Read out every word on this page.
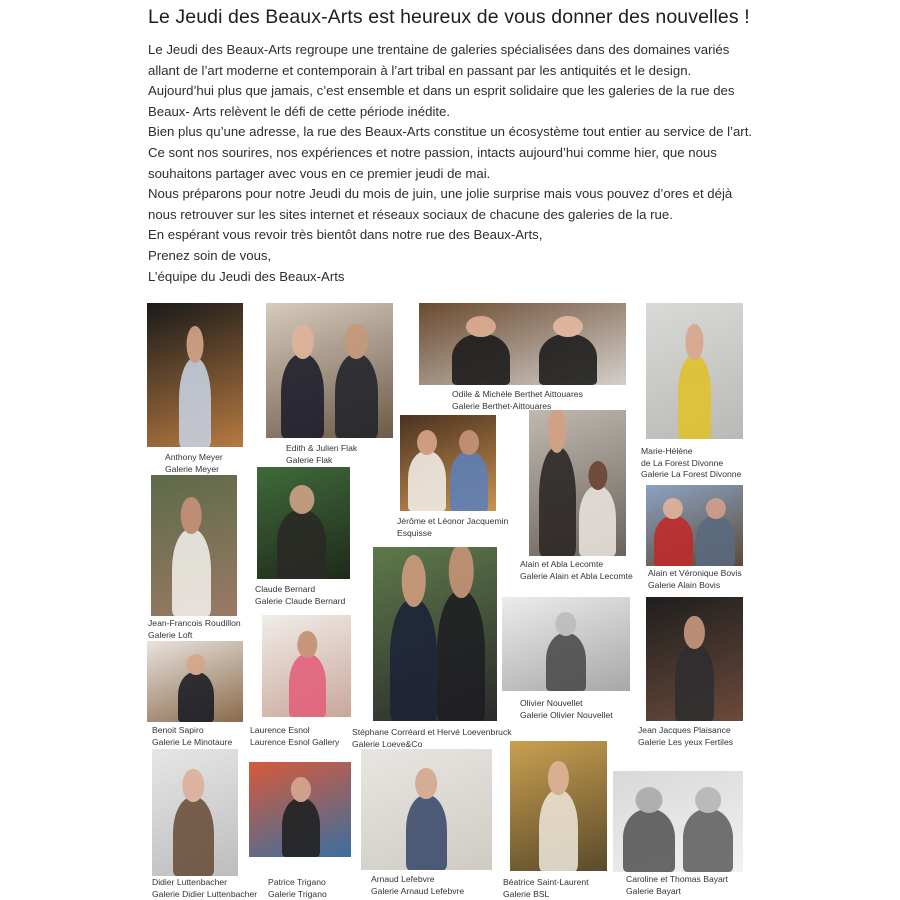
Le Jeudi des Beaux-Arts est heureux de vous donner des nouvelles !

Le Jeudi des Beaux-Arts regroupe une trentaine de galeries spécialisées dans des domaines variés allant de l’art moderne et contemporain à l’art tribal en passant par les antiquités et le design. Aujourd’hui plus que jamais, c’est ensemble et dans un esprit solidaire que les galeries de la rue des Beaux- Arts relèvent le défi de cette période inédite.

Bien plus qu’une adresse, la rue des Beaux-Arts constitue un écosystème tout entier au service de l’art. Ce sont nos sourires, nos expériences et notre passion, intacts aujourd’hui comme hier, que nous souhaitons partager avec vous en ce premier jeudi de mai.

Nous préparons pour notre Jeudi du mois de juin, une jolie surprise mais vous pouvez d’ores et déjà nous retrouver sur les sites internet et réseaux sociaux de chacune des galeries de la rue.

En espérant vous revoir très bientôt dans notre rue des Beaux-Arts,

Prenez soin de vous,

L’équipe du Jeudi des Beaux-Arts

Anthony Meyer
Galerie Meyer
Edith & Julien Flak
Galerie Flak
Odile & Michèle Berthet Aittouares
Galerie Berthet-Aittouares
Marie-Hélène
de La Forest Divonne
Galerie La Forest Divonne
Jérôme et Léonor Jacquemin
Esquisse
Alain et Abla Lecomte
Galerie Alain et Abla Lecomte
Jean-Francois Roudillon
Galerie Loft
Claude Bernard
Galerie Claude Bernard
Alain et Véronique Bovis
Galerie Alain Bovis
Stéphane Corréard et Hervé Loevenbruck
Galerie Loeve&Co
Olivier Nouvellet
Galerie Olivier Nouvellet
Jean Jacques Plaisance
Galerie Les yeux Fertiles
Benoit Sapiro
Galerie Le Minotaure
Laurence Esnol
Laurence Esnol Gallery
Didier Luttenbacher
Galerie Didier Luttenbacher
Patrice Trigano
Galerie Trigano
Arnaud Lefebvre
Galerie Arnaud Lefebvre
Béatrice Saint-Laurent
Galerie BSL
Caroline et Thomas Bayart
Galerie Bayart
